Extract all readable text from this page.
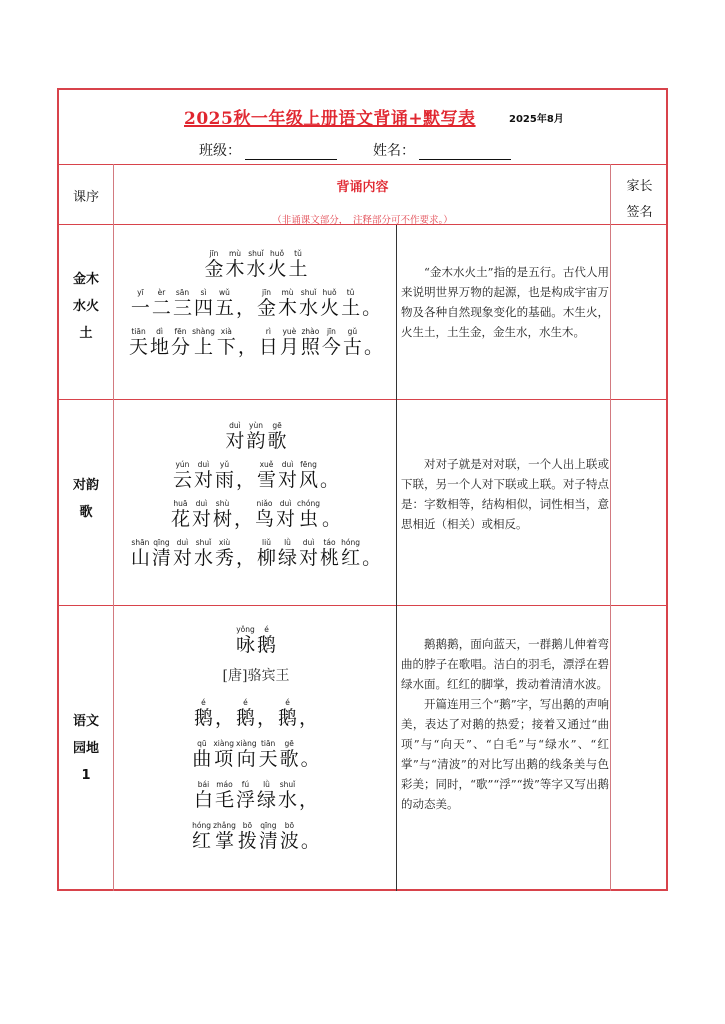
2025秋一年级上册语文背诵+默写表	2025年8月
班级：	姓名：
课序
背诵内容
（非诵课文部分，　注释部分可不作要求。）
家长
签名
金木
水火
土
金jīn木mù水shuǐ火huǒ土tǔ
一yī二èr三sān四sì五wǔ， 金jīn木mù水shuǐ火huǒ土tǔ。
天tiān地dì分fēn上shàng下xià， 日rì月yuè照zhào今jīn古gǔ。

“金木水火土”指的是五行。古代人用来说明世界万物的起源，也是构成宇宙万物及各种自然现象变化的基础。木生火，火生土，土生金，金生水，水生木。

对韵
歌
对duì韵yùn歌gē
云yún对duì雨yǔ， 雪xuě对duì风fēng。
花huā对duì树shù， 鸟niǎo对duì虫chóng。
山shān清qīng对duì水shuǐ秀xiù， 柳liǔ绿lǜ对duì桃táo红hóng。

对对子就是对对联，一个人出上联或下联，另一个人对下联或上联。对子特点是：字数相等，结构相似，词性相当，意思相近（相关）或相反。

语文
园地
1
咏yǒng鹅é
[唐]骆宾王
鹅é， 鹅é， 鹅é，
曲qū项xiàng向xiàng天tiān歌gē。
白bái毛máo浮fú绿lǜ水shuǐ，
红hóng掌zhǎng拨bō清qīng波bō。

鹅鹅鹅，面向蓝天，一群鹅儿伸着弯曲的脖子在歌唱。洁白的羽毛，漂浮在碧绿水面。红红的脚掌，拨动着清清水波。

开篇连用三个“鹅”字，写出鹅的声响美，表达了对鹅的热爱；接着又通过“曲项”与“向天”、“白毛”与“绿水”、“红掌”与“清波”的对比写出鹅的线条美与色彩美；同时，“歌”“浮”“拨”等字又写出鹅的动态美。
